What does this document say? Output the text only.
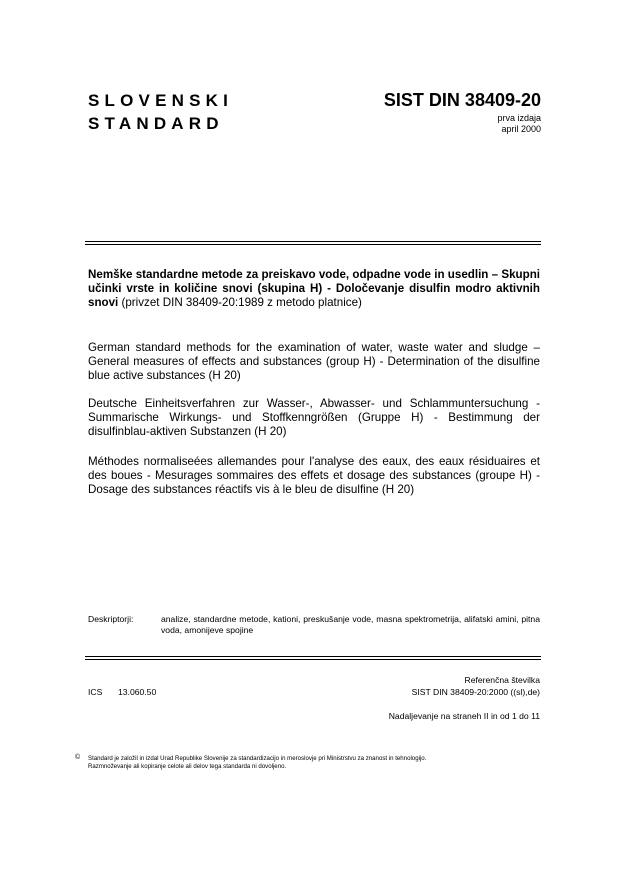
SLOVENSKI
STANDARD
SIST DIN 38409-20
prva izdaja
april 2000
Nemške standardne metode za preiskavo vode, odpadne vode in usedlin – Skupni učinki vrste in količine snovi (skupina H) - Določevanje disulfin modro aktivnih snovi (privzet DIN 38409-20:1989 z metodo platnice)
German standard methods for the examination of water, waste water and sludge – General measures of effects and substances (group H) - Determination of the disulfine blue active substances (H 20)
Deutsche Einheitsverfahren zur Wasser-, Abwasser- und Schlammuntersuchung - Summarische Wirkungs- und Stoffkenngrößen (Gruppe H) - Bestimmung der disulfinblau-aktiven Substanzen (H 20)
Méthodes normaliseées allemandes pour l'analyse des eaux, des eaux résiduaires et des boues - Mesurages sommaires des effets et dosage des substances (groupe H) - Dosage des substances réactifs vis à le bleu de disulfine (H 20)
Deskriptorji:	analize, standardne metode, kationi, preskušanje vode, masna spektrometrija, alifatski amini, pitna voda, amonijeve spojine
Referenčna številka
ICS 13.060.50	SIST DIN 38409-20:2000 ((sl),de)
Nadaljevanje na straneh II in od 1 do 11
© Standard je založil in izdal Urad Republike Slovenije za standardizacijo in meroslovje pri Ministrstvu za znanost in tehnologijo.
Razmnoževanje ali kopiranje celote ali delov tega standarda ni dovoljeno.
